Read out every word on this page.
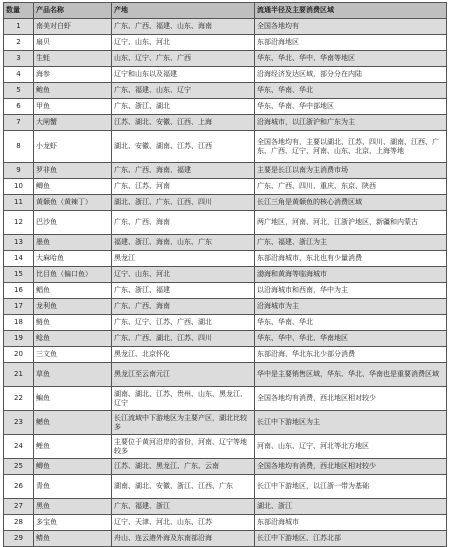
数量	产品名称	产地	流通半径及主要消费区域
1	南美对白虾	广东、广西、福建、山东、海南	全国各地均有
2	扇贝	辽宁、山东、河北	东部沿海地区
3	生蚝	山东、辽宁、广东、广西	华东、华北、华中、华南等地区
4	海参	辽宁和山东以及福建	沿海经济发达区域，部分分在内陆
5	鲍鱼	广东、福建、山东、辽宁	华东、华南、华北
6	甲鱼	广东、浙江、湖北	华东、华南、华中部地区
7	大闸蟹	江苏、湖北、安徽、江西、上海	沿海城市，以江浙沪和广东为主
8	小龙虾	湖北、安徽、湖南、江苏、江西	全国各地均有，主要以湖北、江苏、四川、湖南、江西、广东、广西、辽宁、河南、山东、北京、上海等地
9	罗非鱼	广东、广西、海南、福建	主要是长江以南为主消费市场
10	鲫鱼	广东、江苏、河南	广东、广西、四川、重庆、东京、陕西
11	黄颡鱼（黄辣丁）	湖北、浙江、广东、江西、四川	长江三角是黄颡鱼的核心消费区域
12	巴沙鱼	广东、广西、海南	两广地区，河南、河北，江浙沪地区，新疆和内蒙古
13	墨鱼	福建、浙江、海南、山东、广东	广东、福建、浙江为主
14	大麻哈鱼	黑龙江	东部沿海城市，东北也有少量消费
15	比目鱼（偏口鱼）	辽宁、山东、河北	渤海和黄海等临海城市
16	鲳鱼	广东、浙江、福建	以沿海城市和西南，华中为主
17	龙利鱼	广东、广西、海南	沿海城市为主
18	鲢鱼	广东、辽宁、江苏、广西、湖北	华东、华南、华北
19	鲶鱼	广东、广西、湖北、江苏、四川	华东、华中、华北、华南地区
20	三文鱼	黑龙江、北京怀化	东部沿海，华北东北少部分消费
21	草鱼	黑龙江至云南元江	华中是主要销售区域，华东、华北、华南也是重要消费区域
22	鳊鱼	湖南、湖北、江苏、贵州、山东、黑龙江、辽宁	全国各地均有消费，西北地区相对较少
23	鳡鱼	长江流域中下游地区为主要产区，湖北比较多	长江中下游地区为主
24	鲤鱼	主要位于黄河沿岸的省份，河南、辽宁等地较多	河南、山东、辽宁、河北等北方地区
25	鲫鱼	江苏、湖北、黑龙江、广东、云南	全国各地均有消费，西北地区相对较少
26	青鱼	湖南、湖北、安徽、浙江、江西、广东	长江中下游地区，以江浙一带为基础
27	黑鱼	广东、福建、浙江	湖北、浙江
28	多宝鱼	辽宁、天津、河北、山东、江苏	东部沿海城市
29	鲭鱼	舟山、连云港外海及东南部沿海	长江中下游地区、江苏北部
